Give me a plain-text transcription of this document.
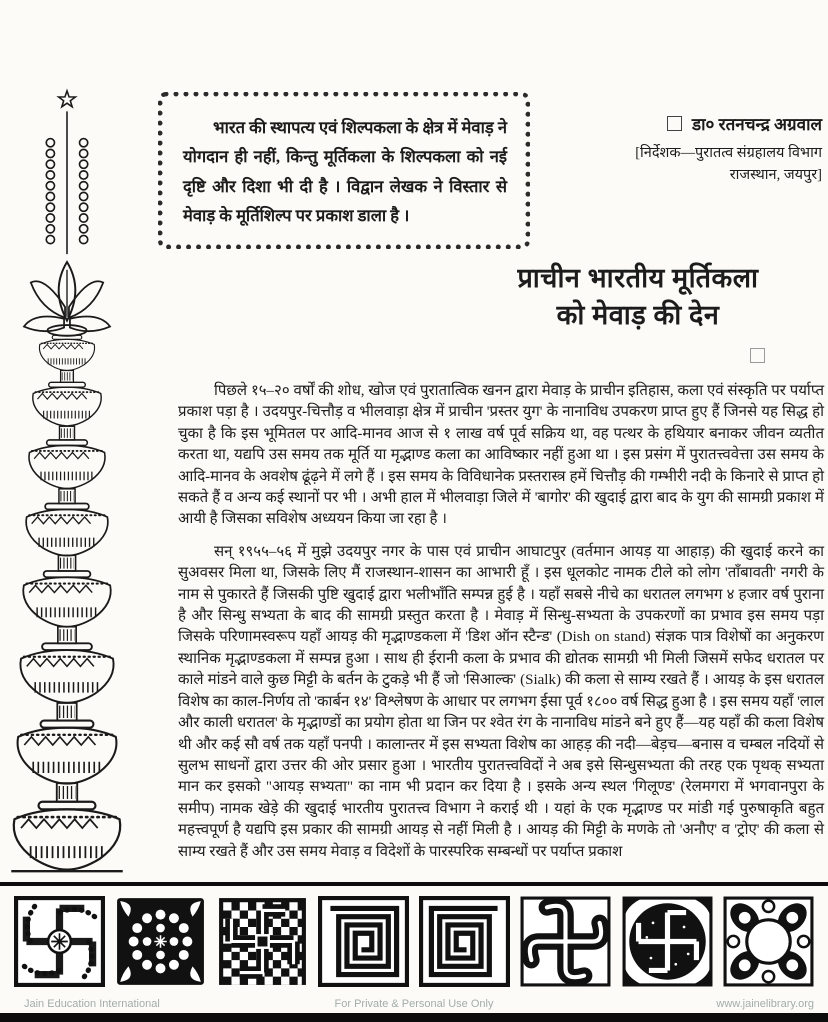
भारत की स्थापत्य एवं शिल्पकला के क्षेत्र में मेवाड़ ने योगदान ही नहीं, किन्तु मूर्तिकला के शिल्पकला को नई दृष्टि और दिशा भी दी है । विद्वान लेखक ने विस्तार से मेवाड़ के मूर्तिशिल्प पर प्रकाश डाला है ।

डा० रतनचन्द्र अग्रवाल
[निर्देशक—पुरातत्व संग्रहालय विभाग
राजस्थान, जयपुर]
प्राचीन भारतीय मूर्तिकला
को मेवाड़ की देन

पिछले १५–२० वर्षों की शोध, खोज एवं पुरातात्विक खनन द्वारा मेवाड़ के प्राचीन इतिहास, कला एवं संस्कृति पर पर्याप्त प्रकाश पड़ा है । उदयपुर-चित्तौड़ व भीलवाड़ा क्षेत्र में प्राचीन 'प्रस्तर युग' के नानाविध उपकरण प्राप्त हुए हैं जिनसे यह सिद्ध हो चुका है कि इस भूमितल पर आदि-मानव आज से १ लाख वर्ष पूर्व सक्रिय था, वह पत्थर के हथियार बनाकर जीवन व्यतीत करता था, यद्यपि उस समय तक मूर्ति या मृद्भाण्ड कला का आविष्कार नहीं हुआ था । इस प्रसंग में पुरातत्त्ववेत्ता उस समय के आदि-मानव के अवशेष ढूंढ़ने में लगे हैं । इस समय के विविधानेक प्रस्तरास्त्र हमें चित्तौड़ की गम्भीरी नदी के किनारे से प्राप्त हो सकते हैं व अन्य कई स्थानों पर भी । अभी हाल में भीलवाड़ा जिले में 'बागोर' की खुदाई द्वारा बाद के युग की सामग्री प्रकाश में आयी है जिसका सविशेष अध्ययन किया जा रहा है ।

सन् १९५५–५६ में मुझे उदयपुर नगर के पास एवं प्राचीन आघाटपुर (वर्तमान आयड़ या आहाड़) की खुदाई करने का सुअवसर मिला था, जिसके लिए मैं राजस्थान-शासन का आभारी हूँ । इस धूलकोट नामक टीले को लोग 'ताँबावती' नगरी के नाम से पुकारते हैं जिसकी पुष्टि खुदाई द्वारा भलीभाँति सम्पन्न हुई है । यहाँ सबसे नीचे का धरातल लगभग ४ हजार वर्ष पुराना है और सिन्धु सभ्यता के बाद की सामग्री प्रस्तुत करता है । मेवाड़ में सिन्धु-सभ्यता के उपकरणों का प्रभाव इस समय पड़ा जिसके परिणामस्वरूप यहाँ आयड़ की मृद्भाण्डकला में 'डिश ऑन स्टैन्ड' (Dish on stand) संज्ञक पात्र विशेषों का अनुकरण स्थानिक मृद्भाण्डकला में सम्पन्न हुआ । साथ ही ईरानी कला के प्रभाव की द्योतक सामग्री भी मिली जिसमें सफेद धरातल पर काले मांडने वाले कुछ मिट्टी के बर्तन के टुकड़े भी हैं जो 'सिआल्क' (Sialk) की कला से साम्य रखते हैं । आयड़ के इस धरातल विशेष का काल-निर्णय तो 'कार्बन १४' विश्लेषण के आधार पर लगभग ईसा पूर्व १८०० वर्ष सिद्ध हुआ है । इस समय यहाँ 'लाल और काली धरातल' के मृद्भाण्डों का प्रयोग होता था जिन पर श्वेत रंग के नानाविध मांडने बने हुए हैं—यह यहाँ की कला विशेष थी और कई सौ वर्ष तक यहाँ पनपी । कालान्तर में इस सभ्यता विशेष का आहड़ की नदी—बेड़च—बनास व चम्बल नदियों से सुलभ साधनों द्वारा उत्तर की ओर प्रसार हुआ । भारतीय पुरातत्त्वविदों ने अब इसे सिन्धुसभ्यता की तरह एक पृथक् सभ्यता मान कर इसको "आयड़ सभ्यता" का नाम भी प्रदान कर दिया है । इसके अन्य स्थल 'गिलूण्ड' (रेलमगरा में भगवानपुरा के समीप) नामक खेड़े की खुदाई भारतीय पुरातत्त्व विभाग ने कराई थी । यहां के एक मृद्भाण्ड पर मांडी गई पुरुषाकृति बहुत महत्त्वपूर्ण है यद्यपि इस प्रकार की सामग्री आयड़ से नहीं मिली है । आयड़ की मिट्टी के मणके तो 'अनौए' व 'ट्रोए' की कला से साम्य रखते हैं और उस समय मेवाड़ व विदेशों के पारस्परिक सम्बन्धों पर पर्याप्त प्रकाश

Jain Education International	For Private & Personal Use Only	www.jainelibrary.org
